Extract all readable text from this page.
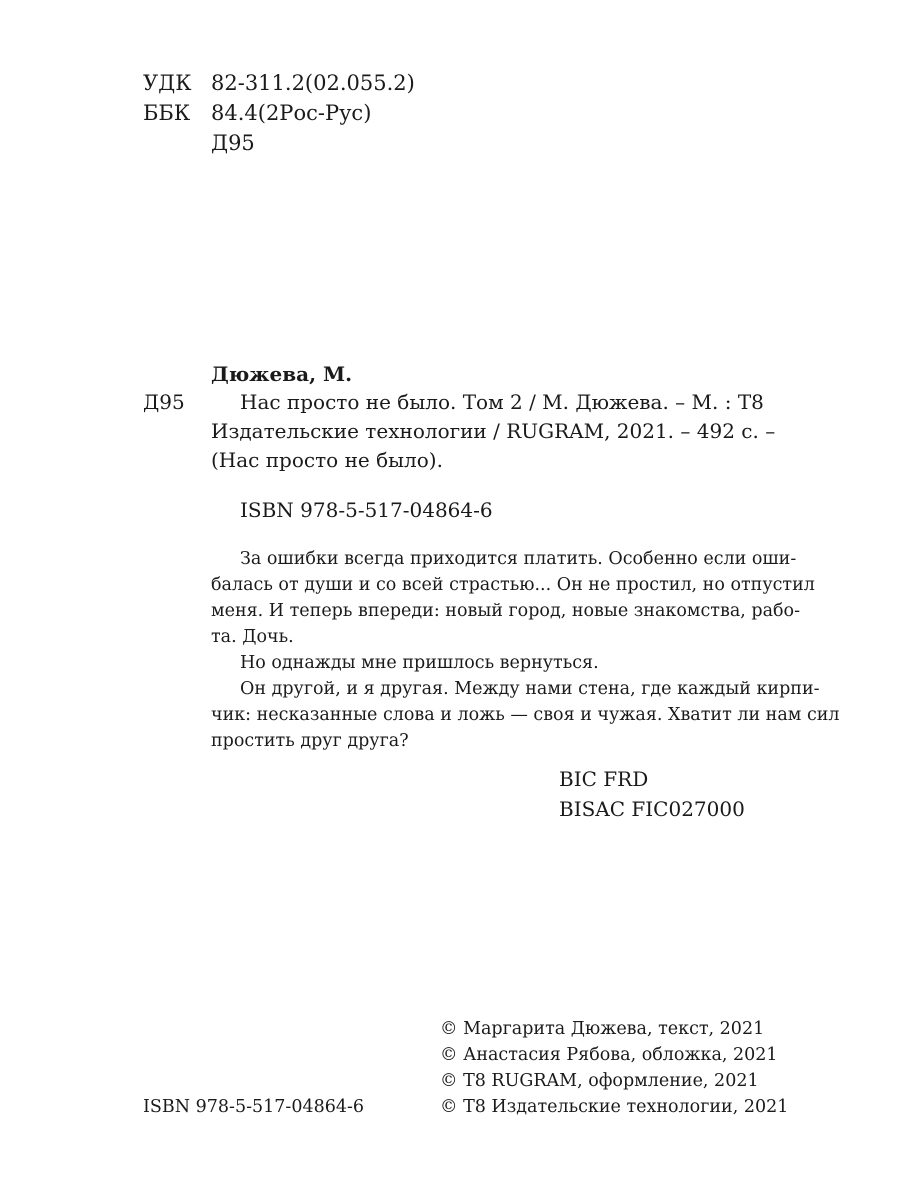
УДК 82-311.2(02.055.2)
ББК 84.4(2Рос-Рус)
Д95
Дюжева, М.
Д95	Нас просто не было. Том 2 / М. Дюжева. – М. : Т8
Издательские технологии / RUGRAM, 2021. – 492 с. –
(Нас просто не было).
ISBN 978-5-517-04864-6
За ошибки всегда приходится платить. Особенно если оши-
балась от души и со всей страстью... Он не простил, но отпустил
меня. И теперь впереди: новый город, новые знакомства, рабо-
та. Дочь.
Но однажды мне пришлось вернуться.
Он другой, и я другая. Между нами стена, где каждый кирпи-
чик: несказанные слова и ложь — своя и чужая. Хватит ли нам сил
простить друг друга?
BIC FRD
BISAC FIC027000
© Маргарита Дюжева, текст, 2021
© Анастасия Рябова, обложка, 2021
© Т8 RUGRAM, оформление, 2021
© Т8 Издательские технологии, 2021
ISBN 978-5-517-04864-6
